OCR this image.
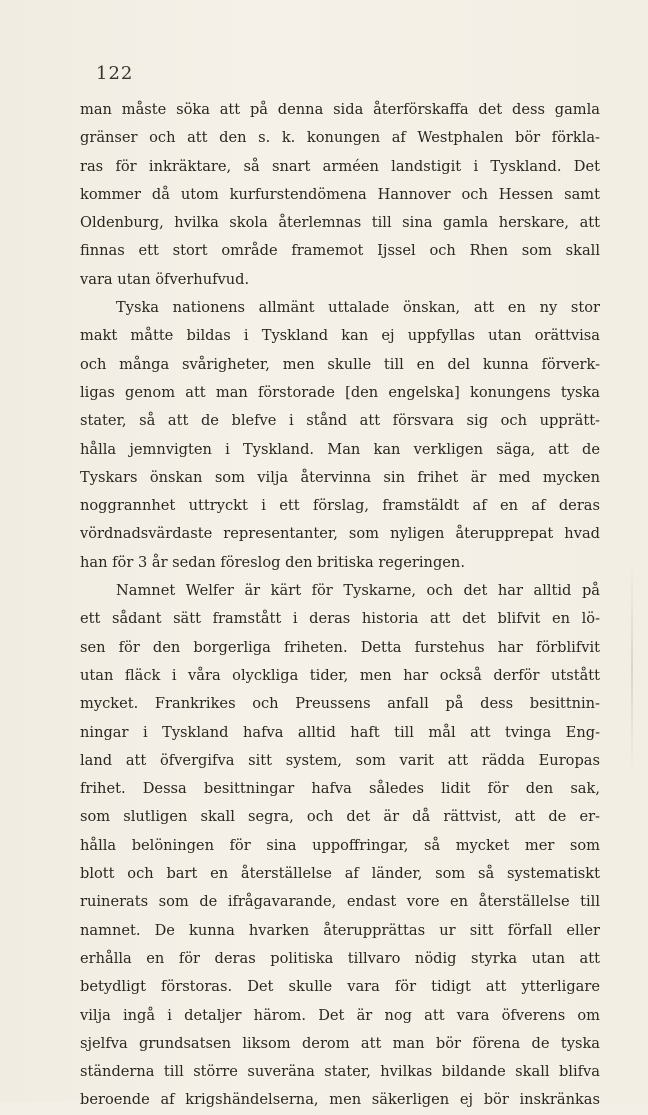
122
man måste söka att på denna sida återförskaffa det dess gamla
gränser och att den s. k. konungen af Westphalen bör förkla-
ras för inkräktare, så snart arméen landstigit i Tyskland. Det
kommer då utom kurfurstendömena Hannover och Hessen samt
Oldenburg, hvilka skola återlemnas till sina gamla herskare, att
finnas ett stort område framemot Ijssel och Rhen som skall
vara utan öfverhufvud.
Tyska nationens allmänt uttalade önskan, att en ny stor
makt måtte bildas i Tyskland kan ej uppfyllas utan orättvisa
och många svårigheter, men skulle till en del kunna förverk-
ligas genom att man förstorade [den engelska] konungens tyska
stater, så att de blefve i stånd att försvara sig och upprätt-
hålla jemnvigten i Tyskland. Man kan verkligen säga, att de
Tyskars önskan som vilja återvinna sin frihet är med mycken
noggrannhet uttryckt i ett förslag, framstäldt af en af deras
vördnadsvärdaste representanter, som nyligen återupprepat hvad
han för 3 år sedan föreslog den britiska regeringen.
Namnet Welfer är kärt för Tyskarne, och det har alltid på
ett sådant sätt framstått i deras historia att det blifvit en lö-
sen för den borgerliga friheten. Detta furstehus har förblifvit
utan fläck i våra olyckliga tider, men har också derför utstått
mycket. Frankrikes och Preussens anfall på dess besittnin-
ningar i Tyskland hafva alltid haft till mål att tvinga Eng-
land att öfvergifva sitt system, som varit att rädda Europas
frihet. Dessa besittningar hafva således lidit för den sak,
som slutligen skall segra, och det är då rättvist, att de er-
hålla belöningen för sina uppoffringar, så mycket mer som
blott och bart en återställelse af länder, som så systematiskt
ruinerats som de ifrågavarande, endast vore en återställelse till
namnet. De kunna hvarken återupprättas ur sitt förfall eller
erhålla en för deras politiska tillvaro nödig styrka utan att
betydligt förstoras. Det skulle vara för tidigt att ytterligare
vilja ingå i detaljer härom. Det är nog att vara öfverens om
sjelfva grundsatsen liksom derom att man bör förena de tyska
ständerna till större suveräna stater, hvilkas bildande skall blifva
beroende af krigshändelserna, men säkerligen ej bör inskränkas
